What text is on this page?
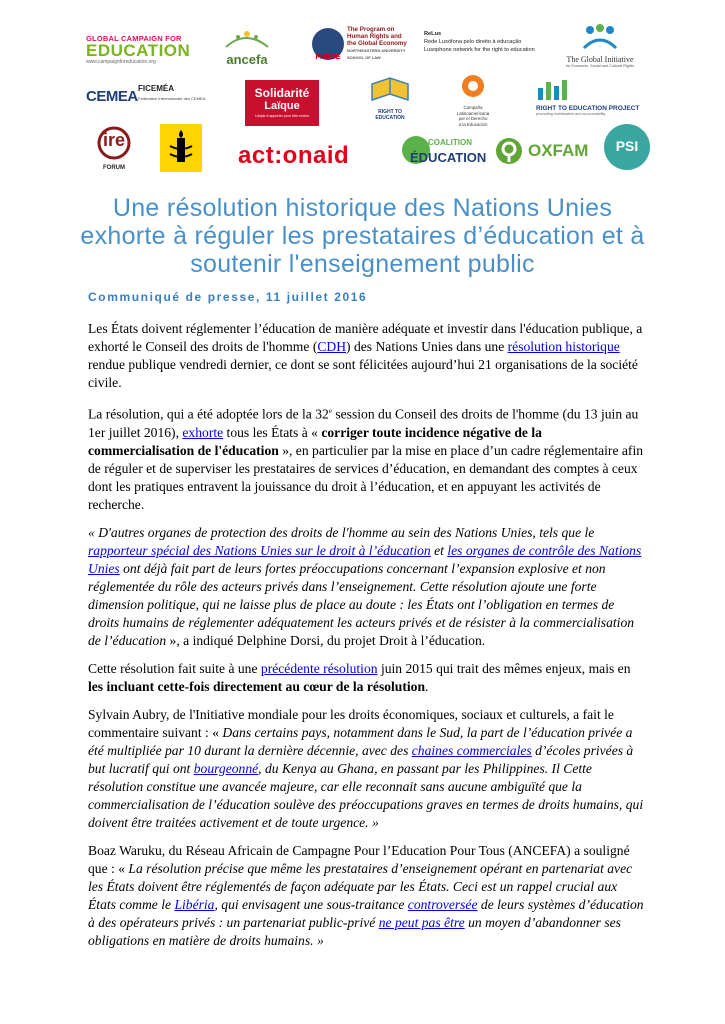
GLOBAL CAMPAIGN FOR
EDUCATION
www.campaignforeducation.org	ancefa	PHRGE
The Program on
Human Rights and
the Global Economy
NORTHEASTERN UNIVERSITY
SCHOOL OF LAW
ReLus
Rede Lusófona pelo direito à educação
Lusophone network for the right to education
The Global Initiative
for Economic, Social and Cultural Rights
CEMEA FICEMÉA
Fédération Internationale des CEMEA	Solidarité
Laïque
Utopie à apporter pour être moins
RIGHT TO
EDUCATION
Campaña
Latinoamericana
por el Derecho
a la Educación
RIGHT TO EDUCATION PROJECT
promoting mobilisation and accountability
ire
FORUM	act:onaid	COALITION
ÉDUCATION OXFAM	PSI
Une résolution historique des Nations Unies
exhorte à réguler les prestataires d’éducation et à
soutenir l'enseignement public
Communiqué de presse, 11 juillet 2016

Les États doivent réglementer l’éducation de manière adéquate et investir dans l'éducation publique, a exhorté le Conseil des droits de l'homme (CDH) des Nations Unies dans une résolution historique rendue publique vendredi dernier, ce dont se sont félicitées aujourd’hui 21 organisations de la société civile.

La résolution, qui a été adoptée lors de la 32e session du Conseil des droits de l'homme (du 13 juin au 1er juillet 2016), exhorte tous les États à « corriger toute incidence négative de la commercialisation de l'éducation », en particulier par la mise en place d’un cadre réglementaire afin de réguler et de superviser les prestataires de services d’éducation, en demandant des comptes à ceux dont les pratiques entravent la jouissance du droit à l’éducation, et en appuyant les activités de recherche.

« D'autres organes de protection des droits de l'homme au sein des Nations Unies, tels que le rapporteur spécial des Nations Unies sur le droit à l’éducation et les organes de contrôle des Nations Unies ont déjà fait part de leurs fortes préoccupations concernant l’expansion explosive et non réglementée du rôle des acteurs privés dans l’enseignement. Cette résolution ajoute une forte dimension politique, qui ne laisse plus de place au doute : les États ont l’obligation en termes de droits humains de réglementer adéquatement les acteurs privés et de résister à la commercialisation de l’éducation », a indiqué Delphine Dorsi, du projet Droit à l’éducation.

Cette résolution fait suite à une précédente résolution juin 2015 qui trait des mêmes enjeux, mais en les incluant cette-fois directement au cœur de la résolution.

Sylvain Aubry, de l'Initiative mondiale pour les droits économiques, sociaux et culturels, a fait le commentaire suivant : « Dans certains pays, notamment dans le Sud, la part de l’éducation privée a été multipliée par 10 durant la dernière décennie, avec des chaines commerciales d’écoles privées à but lucratif qui ont bourgeonné, du Kenya au Ghana, en passant par les Philippines. Il Cette résolution constitue une avancée majeure, car elle reconnait sans aucune ambiguïté que la commercialisation de l’éducation soulève des préoccupations graves en termes de droits humains, qui doivent être traitées activement et de toute urgence. »

Boaz Waruku, du Réseau Africain de Campagne Pour l’Education Pour Tous (ANCEFA) a souligné que : « La résolution précise que même les prestataires d’enseignement opérant en partenariat avec les États doivent être réglementés de façon adéquate par les États. Ceci est un rappel crucial aux États comme le Libéria, qui envisagent une sous-traitance controversée de leurs systèmes d’éducation à des opérateurs privés : un partenariat public-privé ne peut pas être un moyen d’abandonner ses obligations en matière de droits humains. »
